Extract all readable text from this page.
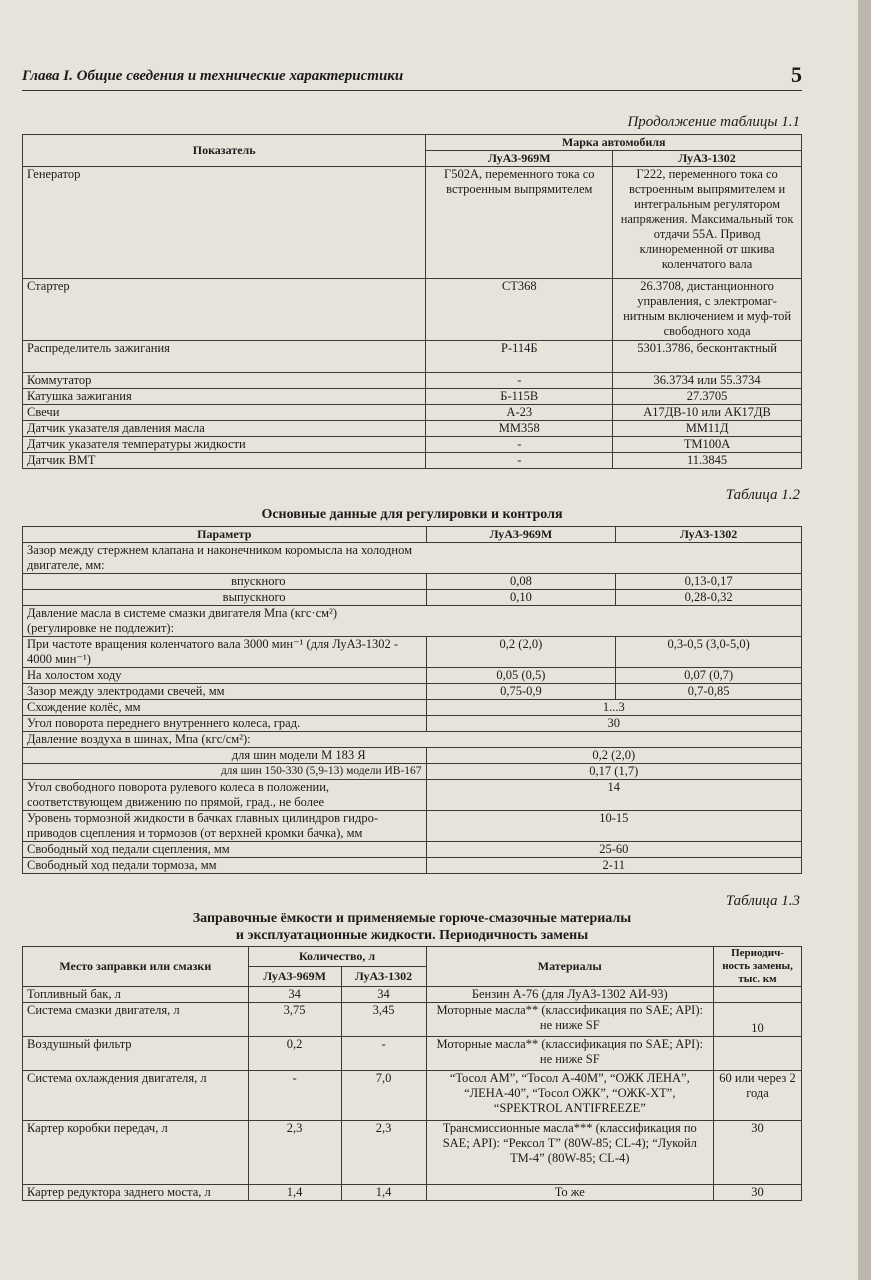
Глава I. Общие сведения и технические характеристики	5
Продолжение таблицы 1.1
Показатель	Марка автомобиля	
	ЛуАЗ-969М	ЛуАЗ-1302
Генератор	Г502А, переменного тока со встроенным выпрямителем	Г222, переменного тока со встроенным выпрямителем и интегральным регулятором напряжения. Максимальный ток отдачи 55А. Привод клиноременной от шкива коленчатого вала
Стартер	СТ368	26.3708, дистанционного управления, с электромаг-нитным включением и муф-той свободного хода
Распределитель зажигания	Р-114Б	5301.3786, бесконтактный
Коммутатор	-	36.3734 или 55.3734
Катушка зажигания	Б-115В	27.3705
Свечи	А-23	А17ДВ-10 или АК17ДВ
Датчик указателя давления масла	ММ358	ММ11Д
Датчик указателя температуры жидкости	-	ТМ100А
Датчик ВМТ	-	11.3845
Таблица 1.2
Основные данные для регулировки и контроля
Параметр	ЛуАЗ-969М	ЛуАЗ-1302
Зазор между стержнем клапана и наконечником коромысла на холодном двигателе, мм:		
впускного	0,08	0,13-0,17
выпускного	0,10	0,28-0,32
Давление масла в системе смазки двигателя Мпа (кгс·см²) (регулировке не подлежит):		
При частоте вращения коленчатого вала 3000 мин⁻¹ (для ЛуАЗ-1302 - 4000 мин⁻¹)	0,2 (2,0)	0,3-0,5 (3,0-5,0)
На холостом ходу	0,05 (0,5)	0,07 (0,7)
Зазор между электродами свечей, мм	0,75-0,9	0,7-0,85
Схождение колёс, мм	1...3	
Угол поворота переднего внутреннего колеса, град.	30	
Давление воздуха в шинах, Мпа (кгс/см²):		
для шин модели М 183 Я	0,2 (2,0)	
для шин 150-330 (5,9-13) модели ИВ-167	0,17 (1,7)	
Угол свободного поворота рулевого колеса в положении, соответствующем движению по прямой, град., не более	14	
Уровень тормозной жидкости в бачках главных цилиндров гидро-приводов сцепления и тормозов (от верхней кромки бачка), мм	10-15	
Свободный ход педали сцепления, мм	25-60	
Свободный ход педали тормоза, мм	2-11	
Таблица 1.3
Заправочные ёмкости и применяемые горюче-смазочные материалы
и эксплуатационные жидкости. Периодичность замены
Место заправки или смазки	Количество, л		Материалы	Периодич-ность замены, тыс. км
	ЛуАЗ-969М	ЛуАЗ-1302		
Топливный бак, л	34	34	Бензин А-76 (для ЛуАЗ-1302 АИ-93)	
Система смазки двигателя, л	3,75	3,45	Моторные масла** (классификация по SAE; API): не ниже SF	10
Воздушный фильтр	0,2	-	Моторные масла** (классификация по SAE; API): не ниже SF	
Система охлаждения двигателя, л	-	7,0	“Тосол АМ”, “Тосол А-40М”, “ОЖК ЛЕНА”, “ЛЕНА-40”, “Тосол ОЖК”, “ОЖК-ХТ”, “SPEKTROL ANTIFREEZE”	60 или через 2 года
Картер коробки передач, л	2,3	2,3	Трансмиссионные масла*** (классификация по SAE; API): “Рексол Т” (80W-85; CL-4); “Лукойл ТМ-4” (80W-85; CL-4)	30
Картер редуктора заднего моста, л	1,4	1,4	То же	30
